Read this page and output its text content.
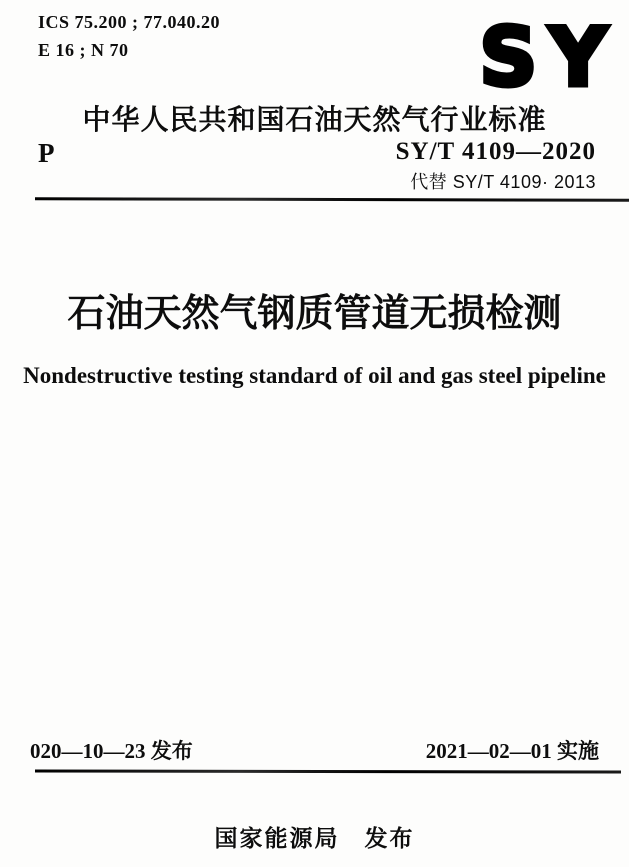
ICS 75.200 ; 77.040.20
E 16 ; N 70	SY
中华人民共和国石油天然气行业标准
P	SY/T 4109—2020
代替 SY/T 4109· 2013
石油天然气钢质管道无损检测
Nondestructive testing standard of oil and gas steel pipeline
020—10—23 发布	2021—02—01 实施
国家能源局　发布
